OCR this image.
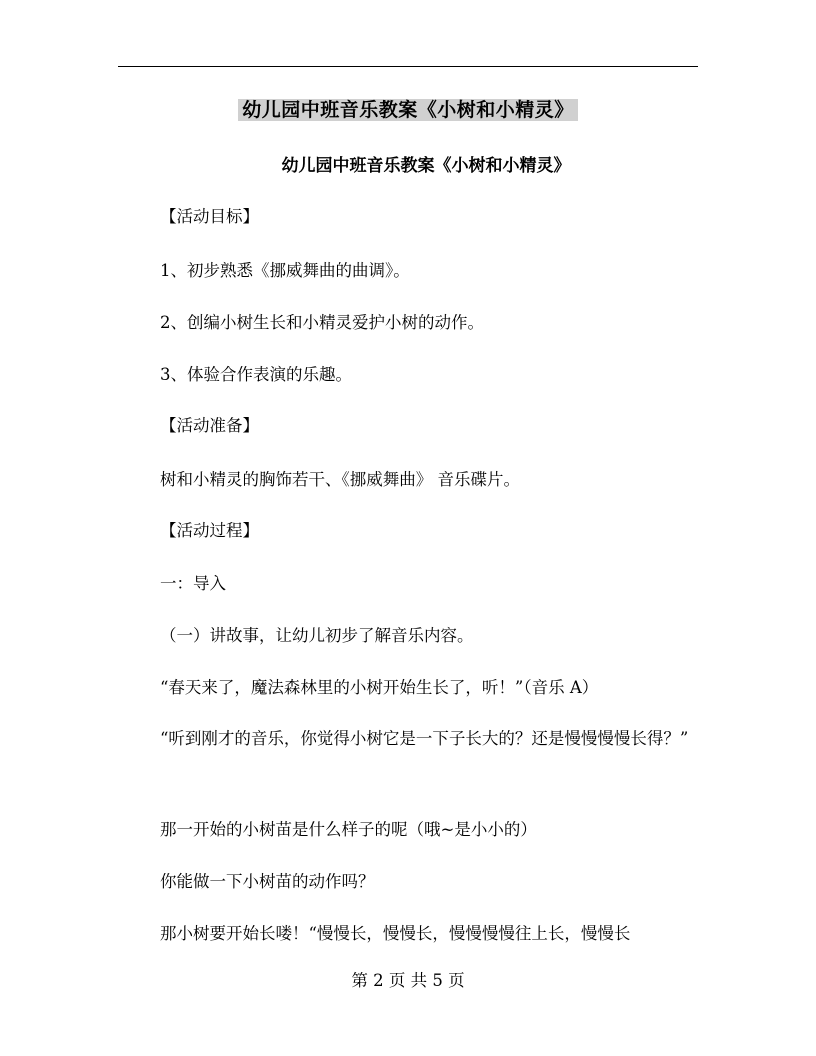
幼儿园中班音乐教案《小树和小精灵》
幼儿园中班音乐教案《小树和小精灵》
【活动目标】
1、初步熟悉《挪威舞曲的曲调》。
2、创编小树生长和小精灵爱护小树的动作。
3、体验合作表演的乐趣。
【活动准备】
树和小精灵的胸饰若干、《挪威舞曲》 音乐碟片。
【活动过程】
一：导入
（一）讲故事，让幼儿初步了解音乐内容。
“春天来了，魔法森林里的小树开始生长了，听！”（音乐 A）
“听到刚才的音乐，你觉得小树它是一下子长大的？还是慢慢慢慢长得？”
那一开始的小树苗是什么样子的呢（哦~是小小的）
你能做一下小树苗的动作吗？
那小树要开始长喽！“慢慢长，慢慢长，慢慢慢慢往上长，慢慢长
第 2 页 共 5 页
